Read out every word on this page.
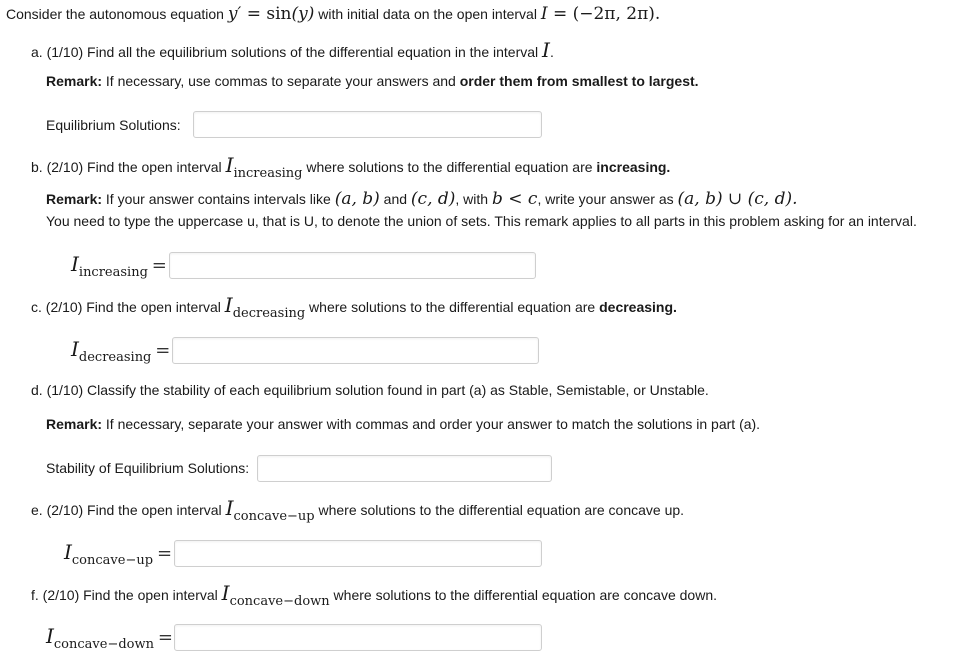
Consider the autonomous equation y′ = sin(y) with initial data on the open interval I = (−2π, 2π).
a. (1/10) Find all the equilibrium solutions of the differential equation in the interval I.
Remark: If necessary, use commas to separate your answers and order them from smallest to largest.
Equilibrium Solutions:
b. (2/10) Find the open interval Iincreasing where solutions to the differential equation are increasing.
Remark: If your answer contains intervals like (a, b) and (c, d), with b < c, write your answer as (a, b) ∪ (c, d).
You need to type the uppercase u, that is U, to denote the union of sets. This remark applies to all parts in this problem asking for an interval.
Iincreasing =
c. (2/10) Find the open interval Idecreasing where solutions to the differential equation are decreasing.
Idecreasing =
d. (1/10) Classify the stability of each equilibrium solution found in part (a) as Stable, Semistable, or Unstable.
Remark: If necessary, separate your answer with commas and order your answer to match the solutions in part (a).
Stability of Equilibrium Solutions:
e. (2/10) Find the open interval Iconcave−up where solutions to the differential equation are concave up.
Iconcave−up =
f. (2/10) Find the open interval Iconcave−down where solutions to the differential equation are concave down.
Iconcave−down =
